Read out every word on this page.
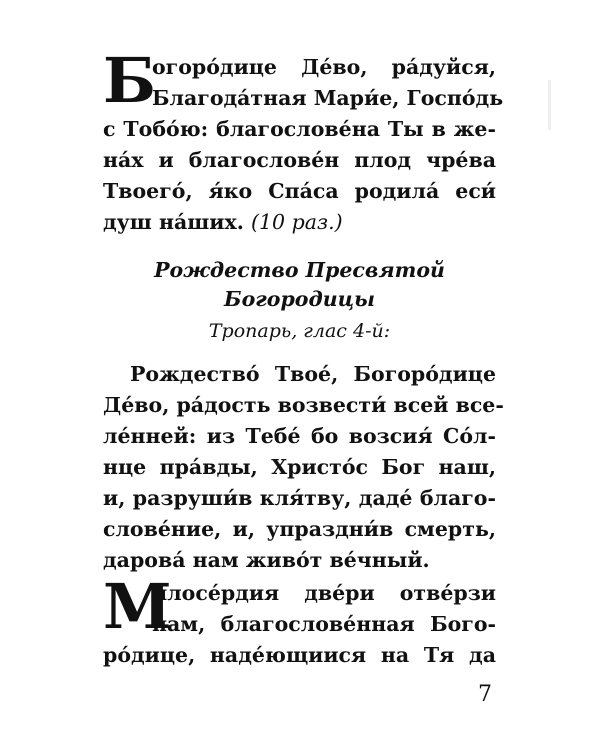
Б
огоро́дице Де́во, ра́дуйся,
Благода́тная Мари́е, Госпо́дь
с Тобо́ю: благослове́на Ты в же-
на́х и благослове́н плод чре́ва
Твоего́, я́ко Спа́са родила́ еси́
душ на́ших. (10 раз.)
Рождество Пресвятой
Богородицы
Тропарь, глас 4-й:
Рождество́ Твое́, Богоро́дице
Де́во, ра́дость возвести́ всей все-
ле́нней: из Тебе́ бо возсия́ Со́л-
нце пра́вды, Христо́с Бог наш,
и, разруши́в кля́тву, даде́ благо-
слове́ние, и, упраздни́в смерть,
дарова́ нам живо́т ве́чный.
М
илосе́рдия две́ри отве́рзи
нам, благослове́нная Бого-
ро́дице, наде́ющиися на Тя да
7
